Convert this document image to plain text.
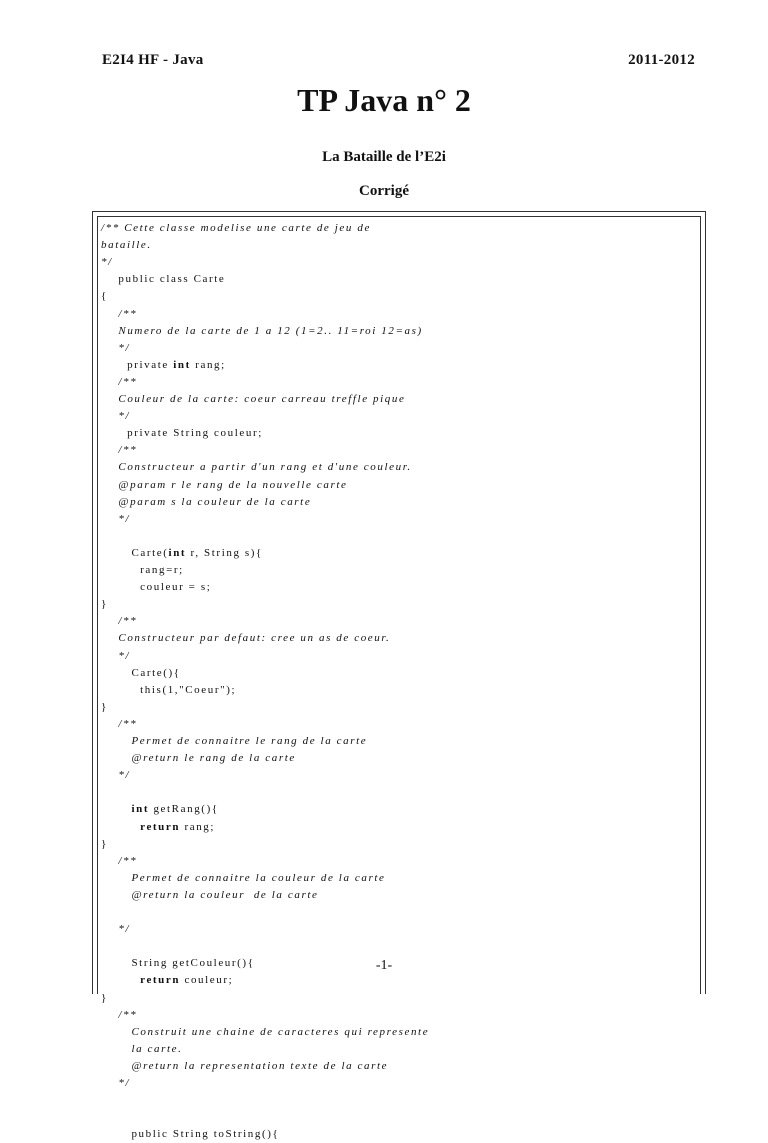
E2I4 HF - Java	2011-2012
TP Java n° 2
La Bataille de l’E2i
Corrigé
/** Cette classe modelise une carte de jeu de
bataille.
*/
public class Carte
{
/**
Numero de la carte de 1 a 12 (1=2.. 11=roi 12=as)
*/
private int rang;
/**
Couleur de la carte: coeur carreau treffle pique
*/
private String couleur;
/**
Constructeur a partir d'un rang et d'une couleur.
@param r le rang de la nouvelle carte
@param s la couleur de la carte
*/
Carte(int r, String s){
rang=r;
couleur = s;
}
/**
Constructeur par defaut: cree un as de coeur.
*/
Carte(){
this(1,"Coeur");
}
/**
Permet de connaitre le rang de la carte
@return le rang de la carte
*/
int getRang(){
return rang;
}
/**
Permet de connaitre la couleur de la carte
@return la couleur  de la carte
*/
String getCouleur(){
return couleur;
}
/**
Construit une chaine de caracteres qui represente
la carte.
@return la representation texte de la carte
*/
public String toString(){
-1-
